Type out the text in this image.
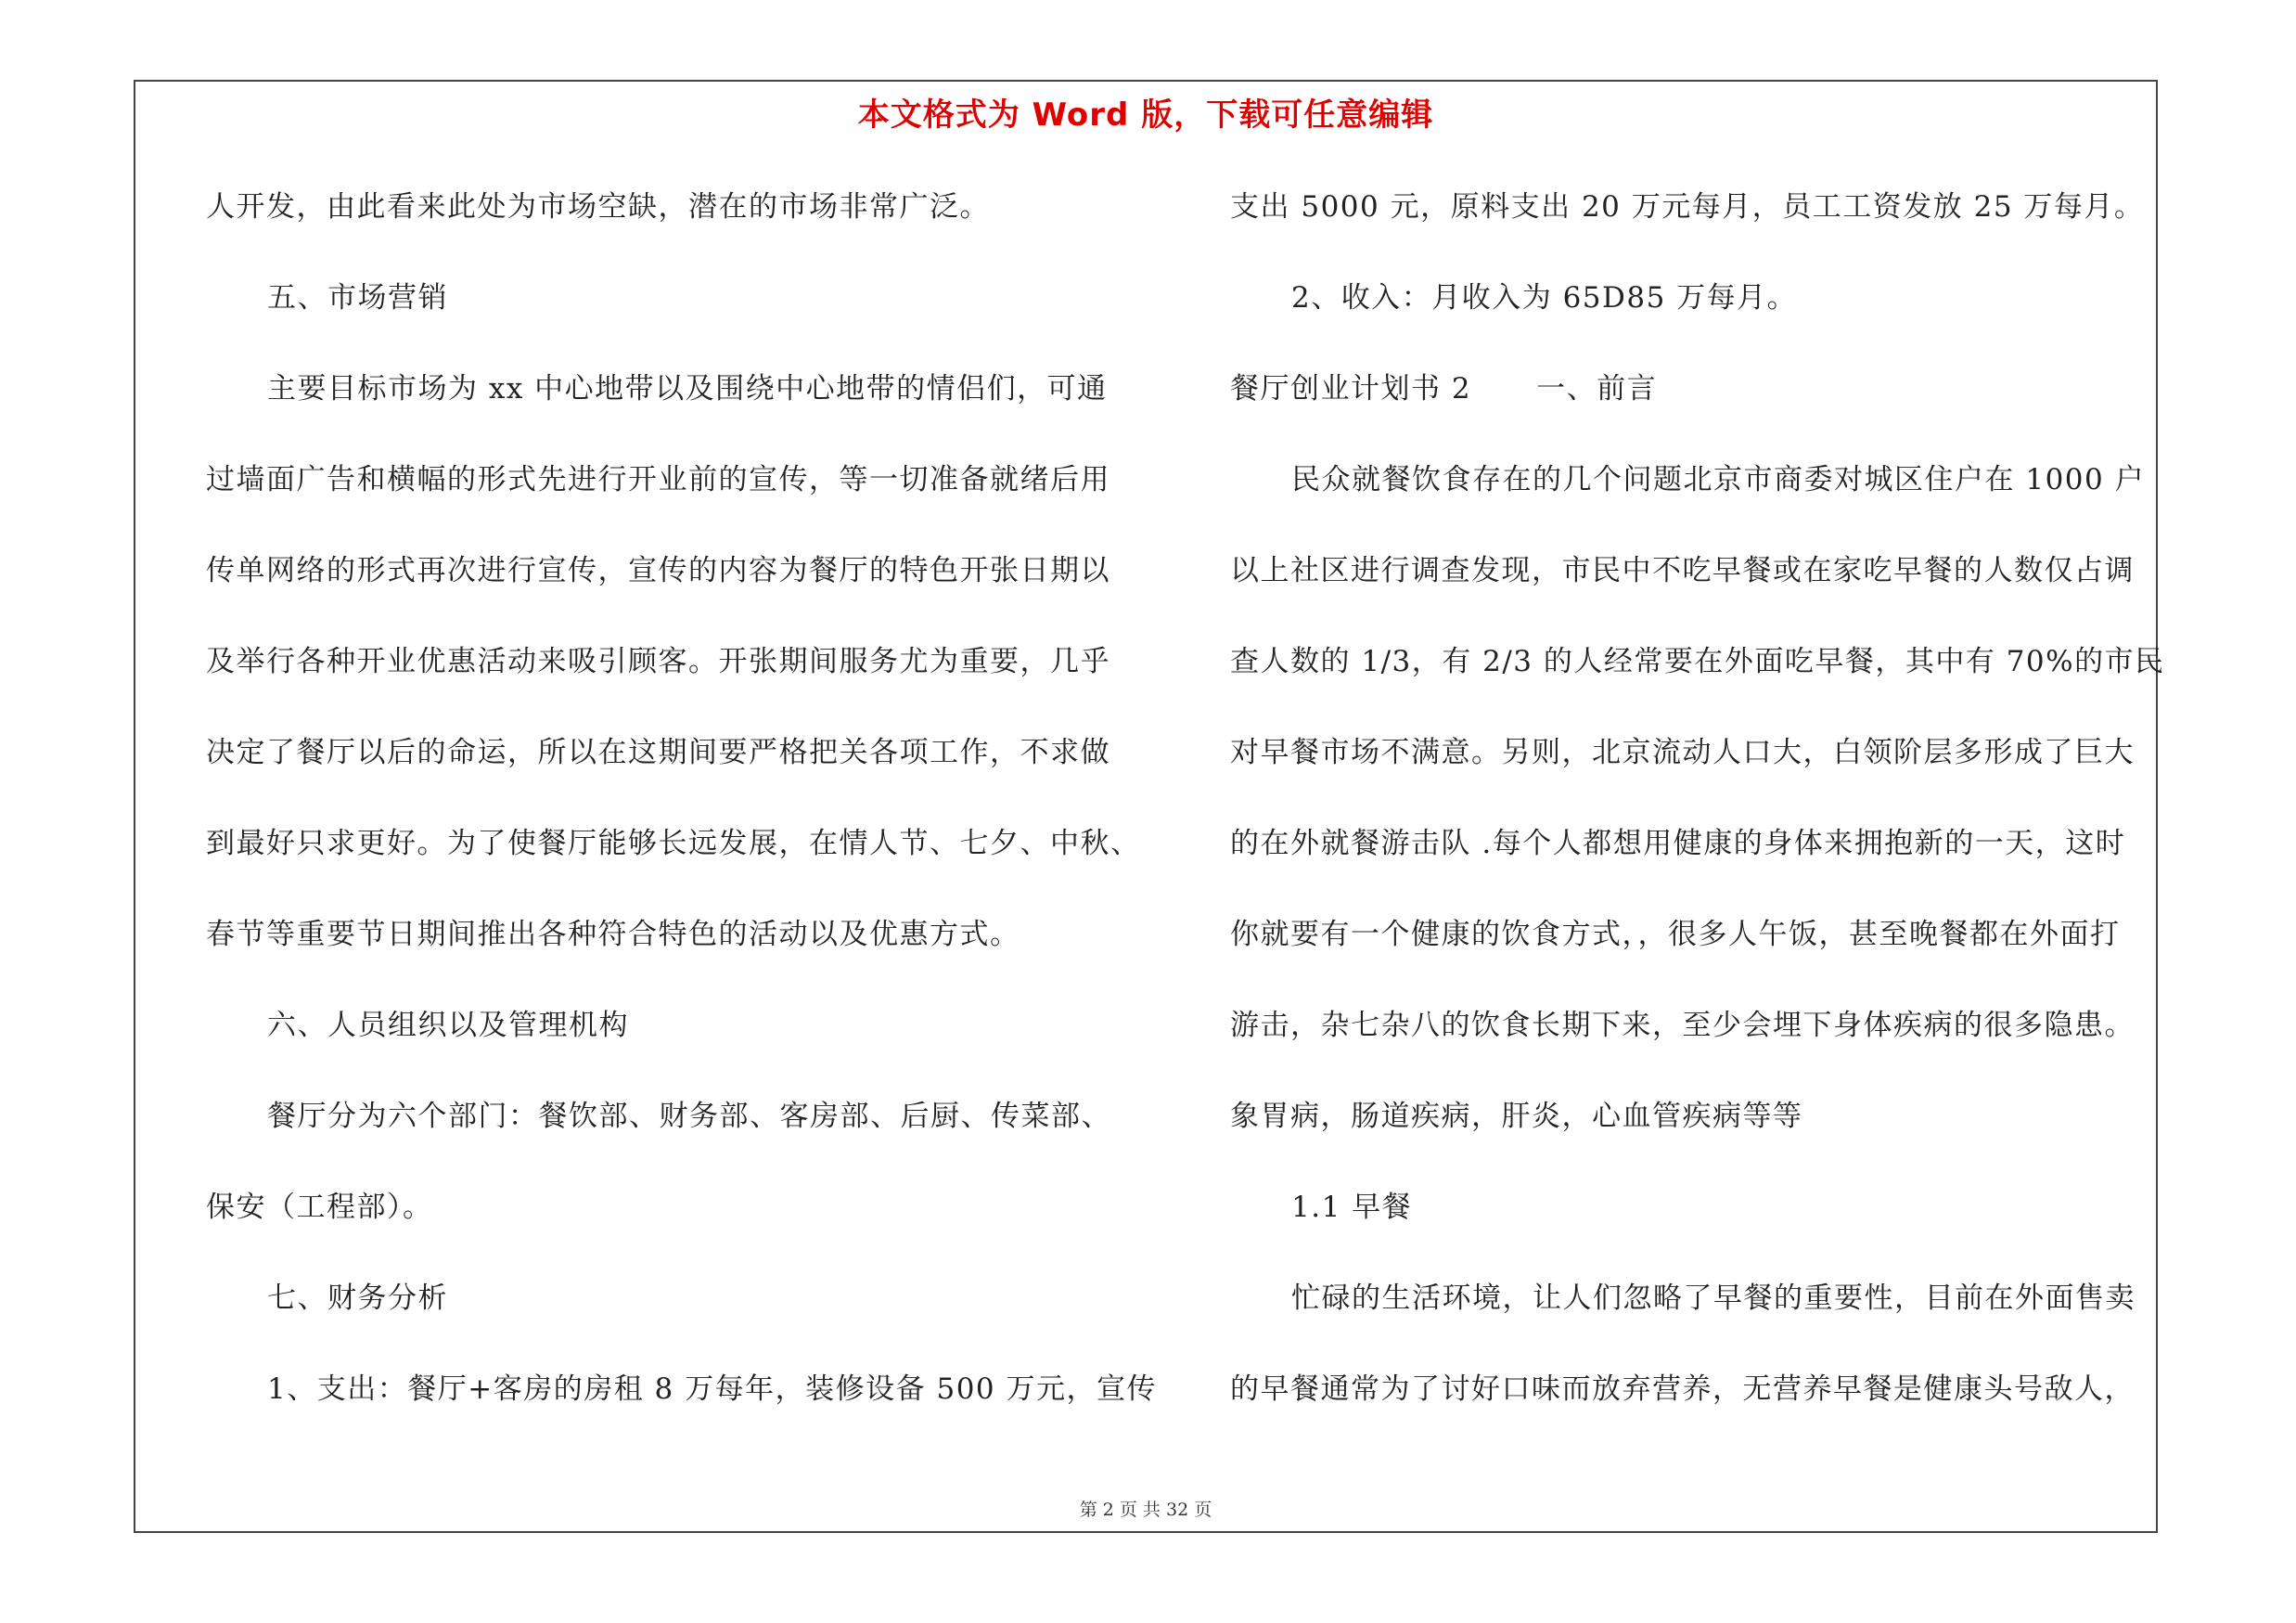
本文格式为 Word 版，下载可任意编辑
人开发，由此看来此处为市场空缺，潜在的市场非常广泛。
五、市场营销
主要目标市场为 xx 中心地带以及围绕中心地带的情侣们，可通
过墙面广告和横幅的形式先进行开业前的宣传，等一切准备就绪后用
传单网络的形式再次进行宣传，宣传的内容为餐厅的特色开张日期以
及举行各种开业优惠活动来吸引顾客。开张期间服务尤为重要，几乎
决定了餐厅以后的命运，所以在这期间要严格把关各项工作，不求做
到最好只求更好。为了使餐厅能够长远发展，在情人节、七夕、中秋、
春节等重要节日期间推出各种符合特色的活动以及优惠方式。
六、人员组织以及管理机构
餐厅分为六个部门：餐饮部、财务部、客房部、后厨、传菜部、
保安（工程部）。
七、财务分析
1、支出：餐厅+客房的房租 8 万每年，装修设备 500 万元，宣传
支出 5000 元，原料支出 20 万元每月，员工工资发放 25 万每月。
2、收入：月收入为 65D85 万每月。
餐厅创业计划书 2 一、前言
民众就餐饮食存在的几个问题北京市商委对城区住户在 1000 户
以上社区进行调查发现，市民中不吃早餐或在家吃早餐的人数仅占调
查人数的 1/3，有 2/3 的人经常要在外面吃早餐，其中有 70%的市民
对早餐市场不满意。另则，北京流动人口大，白领阶层多形成了巨大
的在外就餐游击队 .每个人都想用健康的身体来拥抱新的一天，这时
你就要有一个健康的饮食方式，，很多人午饭，甚至晚餐都在外面打
游击，杂七杂八的饮食长期下来，至少会埋下身体疾病的很多隐患。
象胃病，肠道疾病，肝炎，心血管疾病等等
1.1 早餐
忙碌的生活环境，让人们忽略了早餐的重要性，目前在外面售卖
的早餐通常为了讨好口味而放弃营养，无营养早餐是健康头号敌人，
第 2 页 共 32 页
